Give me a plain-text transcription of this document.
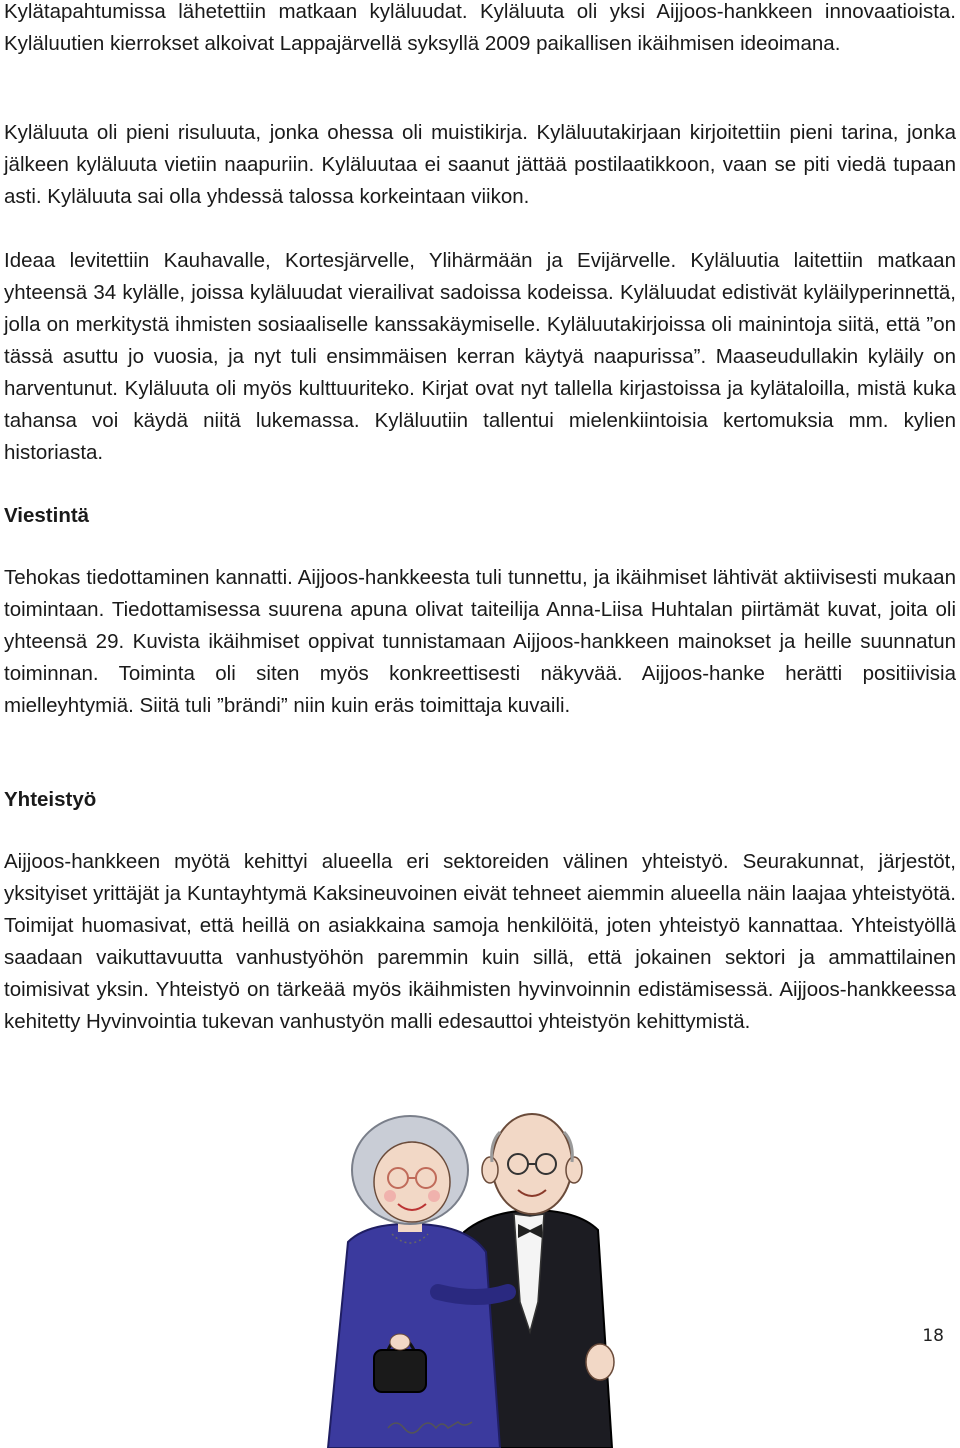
Kylätapahtumissa lähetettiin matkaan kyläluudat. Kyläluuta oli yksi Aijjoos-hankkeen innovaatioista. Kyläluutien kierrokset alkoivat Lappajärvellä syksyllä 2009 paikallisen ikäihmisen ideoimana.

Kyläluuta oli pieni risuluuta, jonka ohessa oli muistikirja. Kyläluutakirjaan kirjoitettiin pieni tarina, jonka jälkeen kyläluuta vietiin naapuriin. Kyläluutaa ei saanut jättää postilaatikkoon, vaan se piti viedä tupaan asti. Kyläluuta sai olla yhdessä talossa korkeintaan viikon.

Ideaa levitettiin Kauhavalle, Kortesjärvelle, Ylihärmään ja Evijärvelle. Kyläluutia laitettiin matkaan yhteensä 34 kylälle, joissa kyläluudat vierailivat sadoissa kodeissa. Kyläluudat edistivät kyläilyperinnettä, jolla on merkitystä ihmisten sosiaaliselle kanssakäymiselle. Kyläluutakirjoissa oli mainintoja siitä, että ”on tässä asuttu jo vuosia, ja nyt tuli ensimmäisen kerran käytyä naapurissa”. Maaseudullakin kyläily on harventunut. Kyläluuta oli myös kulttuuriteko. Kirjat ovat nyt tallella kirjastoissa ja kylätaloilla, mistä kuka tahansa voi käydä niitä lukemassa. Kyläluutiin tallentui mielenkiintoisia kertomuksia mm. kylien historiasta.

Viestintä

Tehokas tiedottaminen kannatti. Aijjoos-hankkeesta tuli tunnettu, ja ikäihmiset lähtivät aktiivisesti mukaan toimintaan. Tiedottamisessa suurena apuna olivat taiteilija Anna-Liisa Huhtalan piirtämät kuvat, joita oli yhteensä 29. Kuvista ikäihmiset oppivat tunnistamaan Aijjoos-hankkeen mainokset ja heille suunnatun toiminnan. Toiminta oli siten myös konkreettisesti näkyvää. Aijjoos-hanke herätti positiivisia mielleyhtymiä. Siitä tuli ”brändi” niin kuin eräs toimittaja kuvaili.

Yhteistyö

Aijjoos-hankkeen myötä kehittyi alueella eri sektoreiden välinen yhteistyö. Seurakunnat, järjestöt, yksityiset yrittäjät ja Kuntayhtymä Kaksineuvoinen eivät tehneet aiemmin alueella näin laajaa yhteistyötä. Toimijat huomasivat, että heillä on asiakkaina samoja henkilöitä, joten yhteistyö kannattaa. Yhteistyöllä saadaan vaikuttavuutta vanhustyöhön paremmin kuin sillä, että jokainen sektori ja ammattilainen toimisivat yksin. Yhteistyö on tärkeää myös ikäihmisten hyvinvoinnin edistämisessä. Aijjoos-hankkeessa kehitetty Hyvinvointia tukevan vanhustyön malli edesauttoi yhteistyön kehittymistä.

18
